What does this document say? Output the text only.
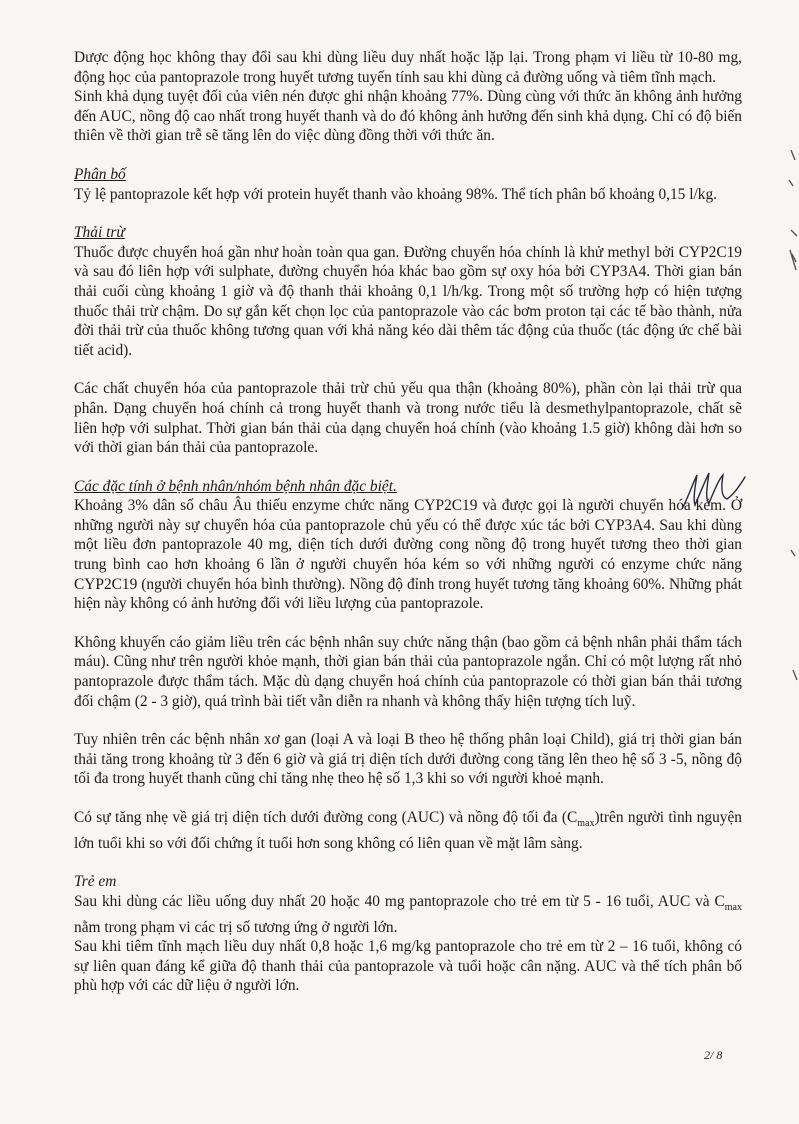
Dược động học không thay đổi sau khi dùng liều duy nhất hoặc lặp lại. Trong phạm vi liều từ 10-80 mg, động học của pantoprazole trong huyết tương tuyến tính sau khi dùng cả đường uống và tiêm tĩnh mạch.

Sinh khả dụng tuyệt đối của viên nén được ghi nhận khoảng 77%. Dùng cùng với thức ăn không ảnh hưởng đến AUC, nồng độ cao nhất trong huyết thanh và do đó không ảnh hưởng đến sinh khả dụng. Chỉ có độ biến thiên về thời gian trễ sẽ tăng lên do việc dùng đồng thời với thức ăn.

Phân bố

Tỷ lệ pantoprazole kết hợp với protein huyết thanh vào khoảng 98%. Thể tích phân bố khoảng 0,15 l/kg.

Thải trừ

Thuốc được chuyển hoá gần như hoàn toàn qua gan. Đường chuyển hóa chính là khử methyl bởi CYP2C19 và sau đó liên hợp với sulphate, đường chuyển hóa khác bao gồm sự oxy hóa bởi CYP3A4. Thời gian bán thải cuối cùng khoảng 1 giờ và độ thanh thải khoảng 0,1 l/h/kg. Trong một số trường hợp có hiện tượng thuốc thải trừ chậm. Do sự gắn kết chọn lọc của pantoprazole vào các bơm proton tại các tế bào thành, nửa đời thải trừ của thuốc không tương quan với khả năng kéo dài thêm tác động của thuốc (tác động ức chế bài tiết acid).

Các chất chuyển hóa của pantoprazole thải trừ chủ yếu qua thận (khoảng 80%), phần còn lại thải trừ qua phân. Dạng chuyển hoá chính cả trong huyết thanh và trong nước tiểu là desmethylpantoprazole, chất sẽ liên hợp với sulphat. Thời gian bán thải của dạng chuyển hoá chính (vào khoảng 1.5 giờ) không dài hơn so với thời gian bán thải của pantoprazole.

Các đặc tính ở bệnh nhân/nhóm bệnh nhân đặc biệt.

Khoảng 3% dân số châu Âu thiếu enzyme chức năng CYP2C19 và được gọi là người chuyển hóa kém. Ở những người này sự chuyển hóa của pantoprazole chủ yếu có thể được xúc tác bởi CYP3A4. Sau khi dùng một liều đơn pantoprazole 40 mg, diện tích dưới đường cong nồng độ trong huyết tương theo thời gian trung bình cao hơn khoảng 6 lần ở người chuyển hóa kém so với những người có enzyme chức năng CYP2C19 (người chuyển hóa bình thường). Nồng độ đỉnh trong huyết tương tăng khoảng 60%. Những phát hiện này không có ảnh hưởng đối với liều lượng của pantoprazole.

Không khuyến cáo giảm liều trên các bệnh nhân suy chức năng thận (bao gồm cả bệnh nhân phải thẩm tách máu). Cũng như trên người khỏe mạnh, thời gian bán thải của pantoprazole ngắn. Chỉ có một lượng rất nhỏ pantoprazole được thẩm tách. Mặc dù dạng chuyển hoá chính của pantoprazole có thời gian bán thải tương đối chậm (2 - 3 giờ), quá trình bài tiết vẫn diễn ra nhanh và không thấy hiện tượng tích luỹ.

Tuy nhiên trên các bệnh nhân xơ gan (loại A và loại B theo hệ thống phân loại Child), giá trị thời gian bán thải tăng trong khoảng từ 3 đến 6 giờ và giá trị diện tích dưới đường cong tăng lên theo hệ số 3 -5, nồng độ tối đa trong huyết thanh cũng chỉ tăng nhẹ theo hệ số 1,3 khi so với người khoẻ mạnh.

Có sự tăng nhẹ về giá trị diện tích dưới đường cong (AUC) và nồng độ tối đa $(C_{max})trên$ người tình nguyện lớn tuổi khi so với đối chứng ít tuổi hơn song không có liên quan về mặt lâm sàng.

Trẻ em

Sau khi dùng các liều uống duy nhất 20 hoặc 40 mg pantoprazole cho trẻ em từ 5 - 16 tuổi, AUC và $C_{max}$ nằm trong phạm vi các trị số tương ứng ở người lớn.

Sau khi tiêm tĩnh mạch liều duy nhất 0,8 hoặc 1,6 mg/kg pantoprazole cho trẻ em từ 2 – 16 tuổi, không có sự liên quan đáng kể giữa độ thanh thải của pantoprazole và tuổi hoặc cân nặng. AUC và thể tích phân bố phù hợp với các dữ liệu ở người lớn.

2/ 8
